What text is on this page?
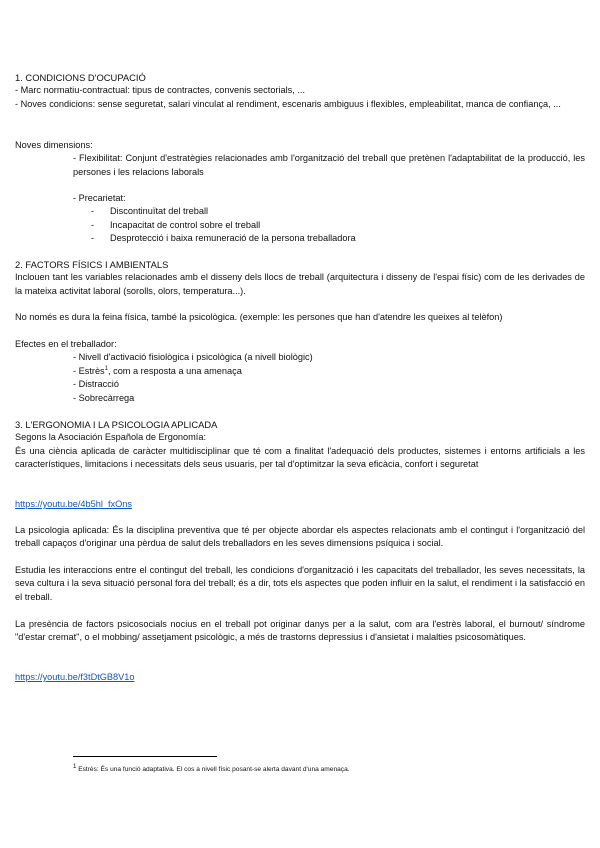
1. CONDICIONS D'OCUPACIÓ

- Marc normatiu-contractual: tipus de contractes, convenis sectorials, ...

- Noves condicions: sense seguretat, salari vinculat al rendiment, escenaris ambiguus i flexibles, empleabilitat, manca de confiança, ...

Noves dimensions:

- Flexibilitat: Conjunt d'estratègies relacionades amb l'organització del treball que pretènen l'adaptabilitat de la producció, les persones i les relacions laborals

- Precarietat:

- Discontinuïtat del treball

- Incapacitat de control sobre el treball

- Desprotecció i baixa remuneració de la persona treballadora

2. FACTORS FÍSICS I AMBIENTALS

Inclouen tant les variables relacionades amb el disseny dels llocs de treball (arquitectura i disseny de l'espai físic) com de les derivades de la mateixa activitat laboral (sorolls, olors, temperatura...).

No només es dura la feina física, també la psicològica. (exemple: les persones que han d'atendre les queixes al telèfon)

Efectes en el treballador:

- Nivell d'activació fisiològica i psicològica (a nivell biològic)

- Estrès$^1$, com a resposta a una amenaça

- Distracció

- Sobrecàrrega

3. L'ERGONOMIA I LA PSICOLOGIA APLICADA

Segons la Asociación Española de Ergonomía:

És una ciència aplicada de caràcter multidisciplinar que té com a finalitat l'adequació dels productes, sistemes i entorns artificials a les característiques, limitacions i necessitats dels seus usuaris, per tal d'optimitzar la seva eficàcia, confort i seguretat

https://youtu.be/4b5hl_fxOns

La psicologia aplicada: És la disciplina preventiva que té per objecte abordar els aspectes relacionats amb el contingut i l'organització del treball capaços d'originar una pèrdua de salut dels treballadors en les seves dimensions psíquica i social.

Estudia les interaccions entre el contingut del treball, les condicions d'organització i les capacitats del treballador, les seves necessitats, la seva cultura i la seva situació personal fora del treball; és a dir, tots els aspectes que poden influir en la salut, el rendiment i la satisfacció en el treball.

La presència de factors psicosocials nocius en el treball pot originar danys per a la salut, com ara l'estrès laboral, el burnout/ síndrome "d'estar cremat", o el mobbing/ assetjament psicològic, a més de trastorns depressius i d'ansietat i malalties psicosomàtiques.

https://youtu.be/f3tDtGB8V1o
$^1$ Estrès: És una funció adaptativa. El cos a nivell físic posant-se alerta davant d'una amenaça.
